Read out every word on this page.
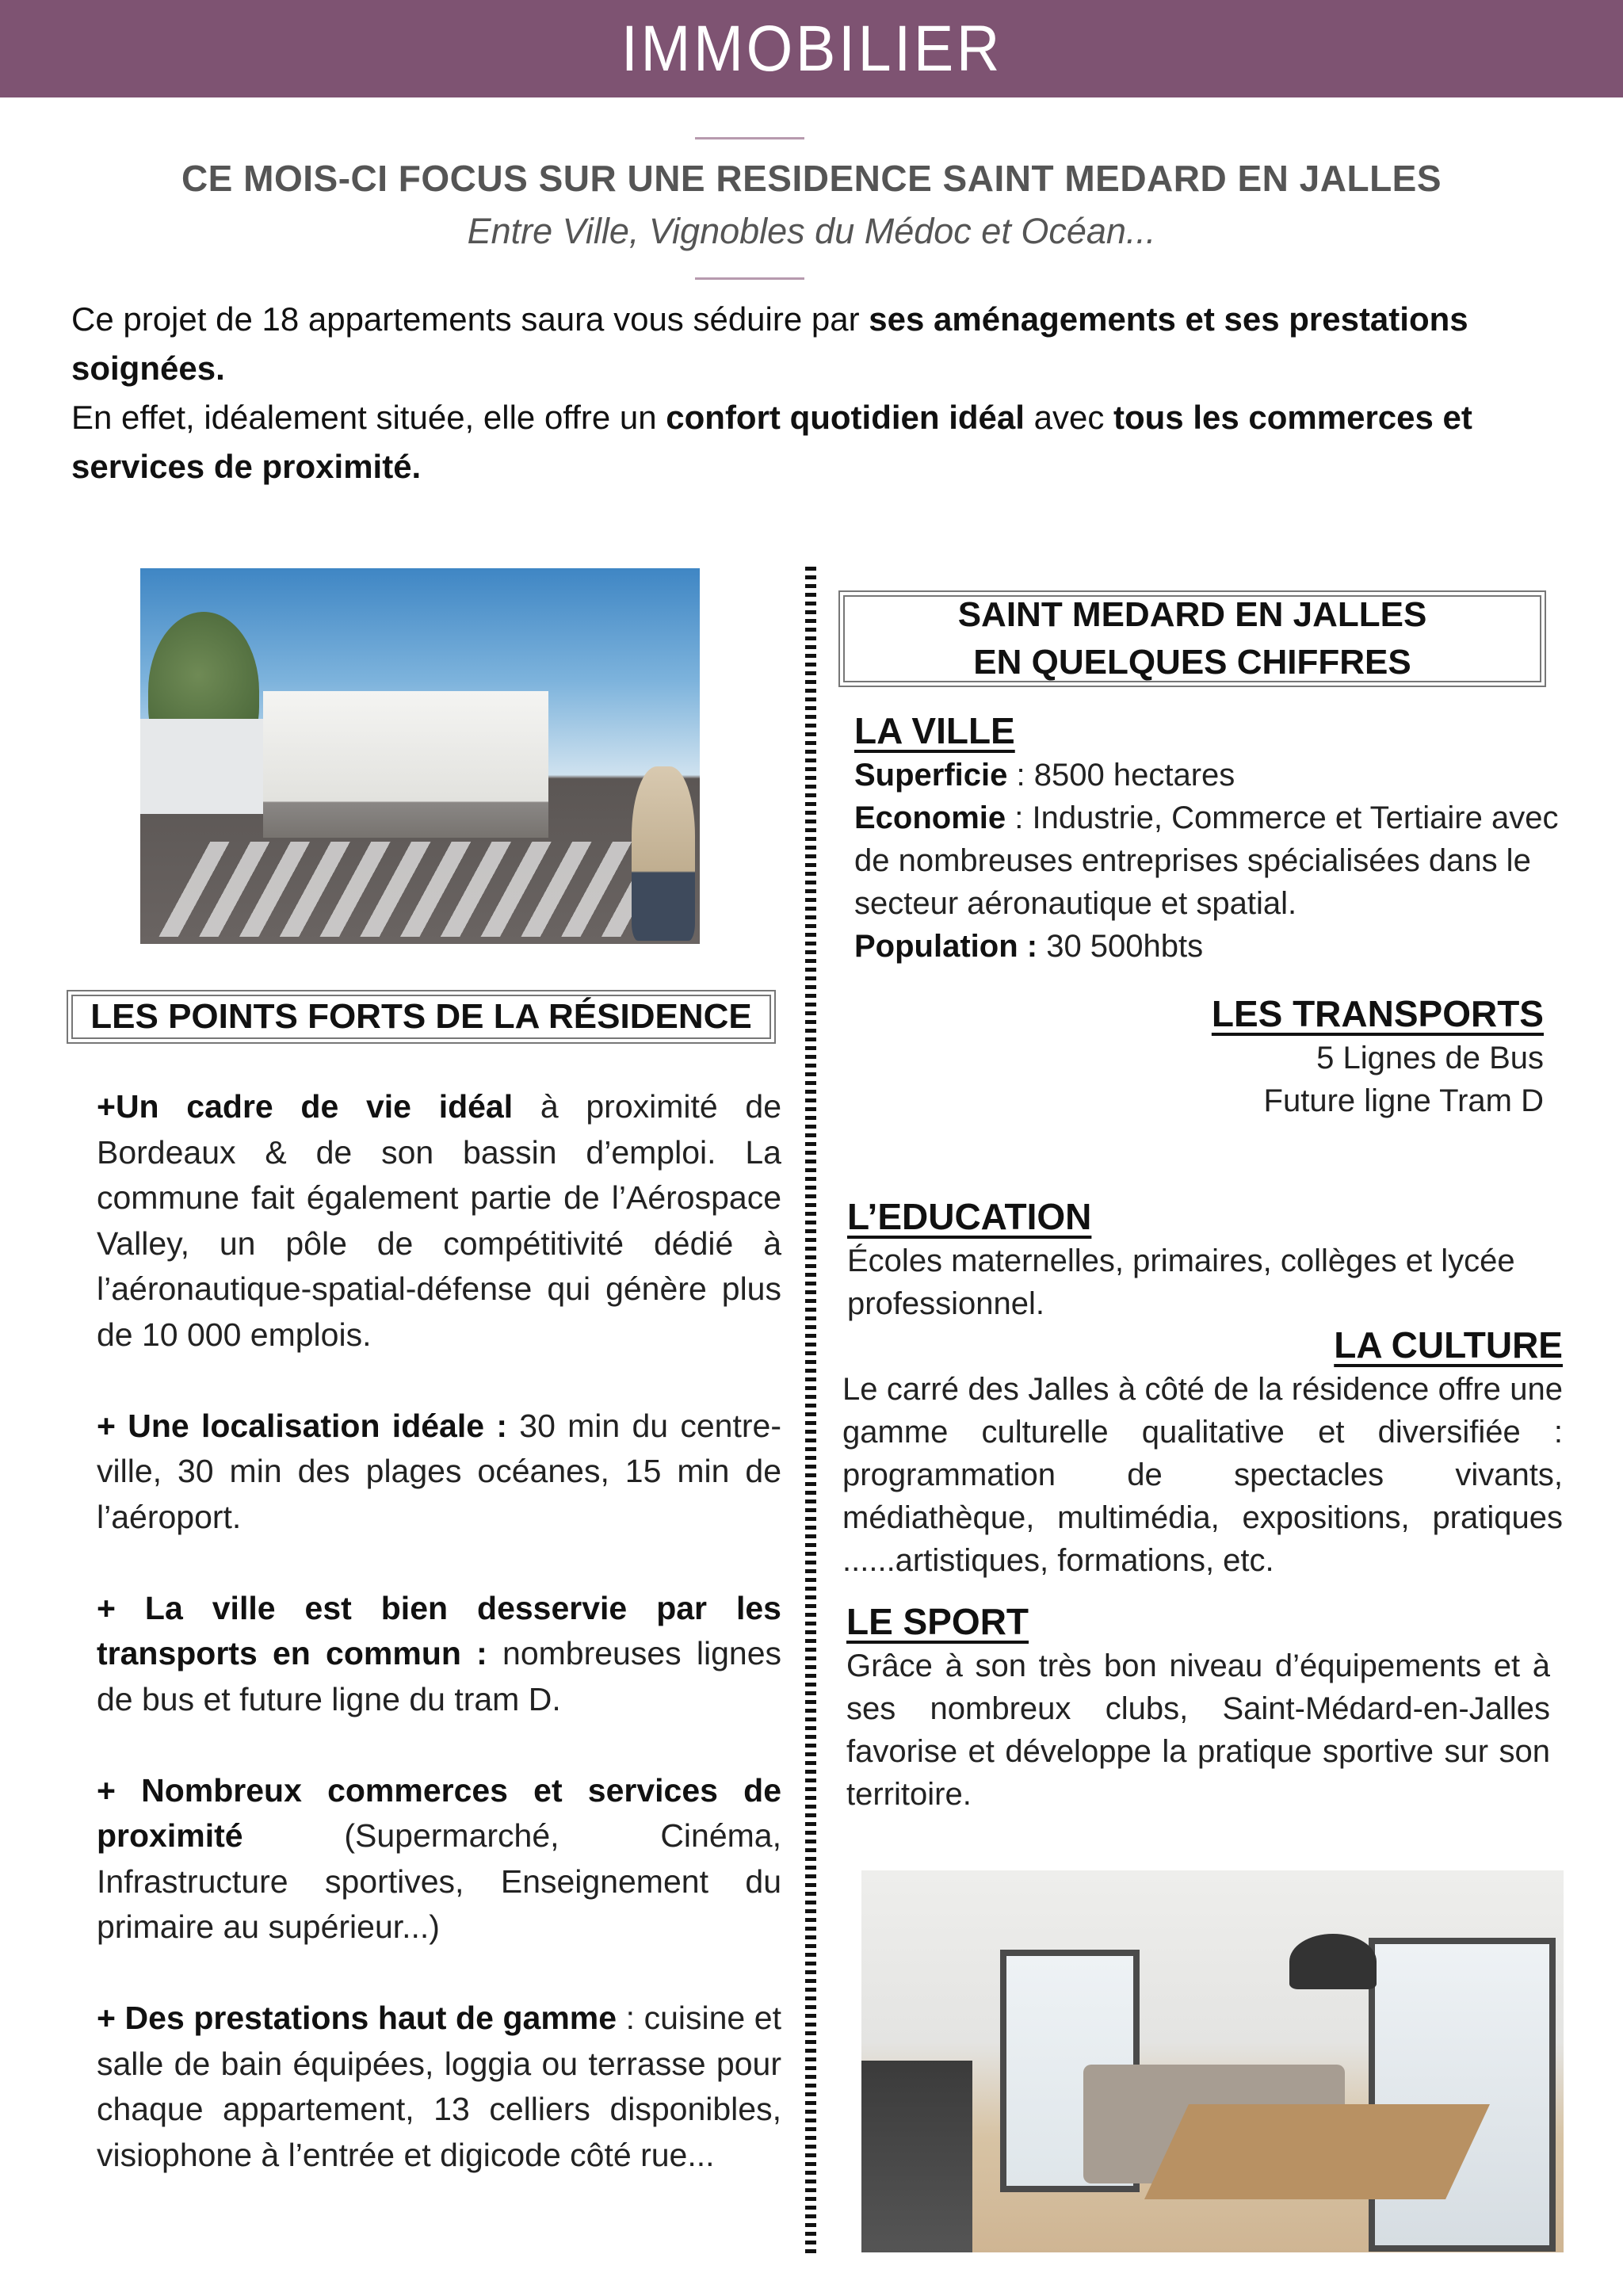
IMMOBILIER
CE MOIS-CI FOCUS SUR UNE RESIDENCE SAINT MEDARD EN JALLES
Entre Ville, Vignobles du Médoc et Océan...
Ce projet de 18 appartements saura vous séduire par ses aménagements et ses prestations soignées.
En effet, idéalement située, elle offre un confort quotidien idéal avec tous les commerces et services de proximité.
LES POINTS FORTS DE LA RÉSIDENCE

+Un cadre de vie idéal à proximité de Bordeaux & de son bassin d’emploi. La commune fait également partie de l’Aérospace Valley, un pôle de compétitivité dédié à l’aéronautique-spatial-défense qui génère plus de 10 000 emplois.

+ Une localisation idéale : 30 min du centre-ville, 30 min des plages océanes, 15 min de l’aéroport.

+ La ville est bien desservie par les transports en commun : nombreuses lignes de bus et future ligne du tram D.

+ Nombreux commerces et services de proximité (Supermarché, Cinéma, Infrastructure sportives, Enseignement du primaire au supérieur...)

+ Des prestations haut de gamme : cuisine et salle de bain équipées, loggia ou terrasse pour chaque appartement, 13 celliers disponibles, visiophone à l’entrée et digicode côté rue...

SAINT MEDARD EN JALLES
EN QUELQUES CHIFFRES
LA VILLE

Superficie : 8500 hectares

Economie : Industrie, Commerce et Tertiaire avec de nombreuses entreprises spécialisées dans le secteur aéronautique et spatial.

Population : 30 500hbts

LES TRANSPORTS

5 Lignes de Bus

Future ligne Tram D

L’EDUCATION

Écoles maternelles, primaires, collèges et lycée professionnel.

LA CULTURE

Le carré des Jalles à côté de la résidence offre une gamme culturelle qualitative et diversifiée : programmation de spectacles vivants, médiathèque, multimédia, expositions, pratiques ......artistiques, formations, etc.

LE SPORT

Grâce à son très bon niveau d’équipements et à ses nombreux clubs, Saint-Médard-en-Jalles favorise et développe la pratique sportive sur son territoire.
